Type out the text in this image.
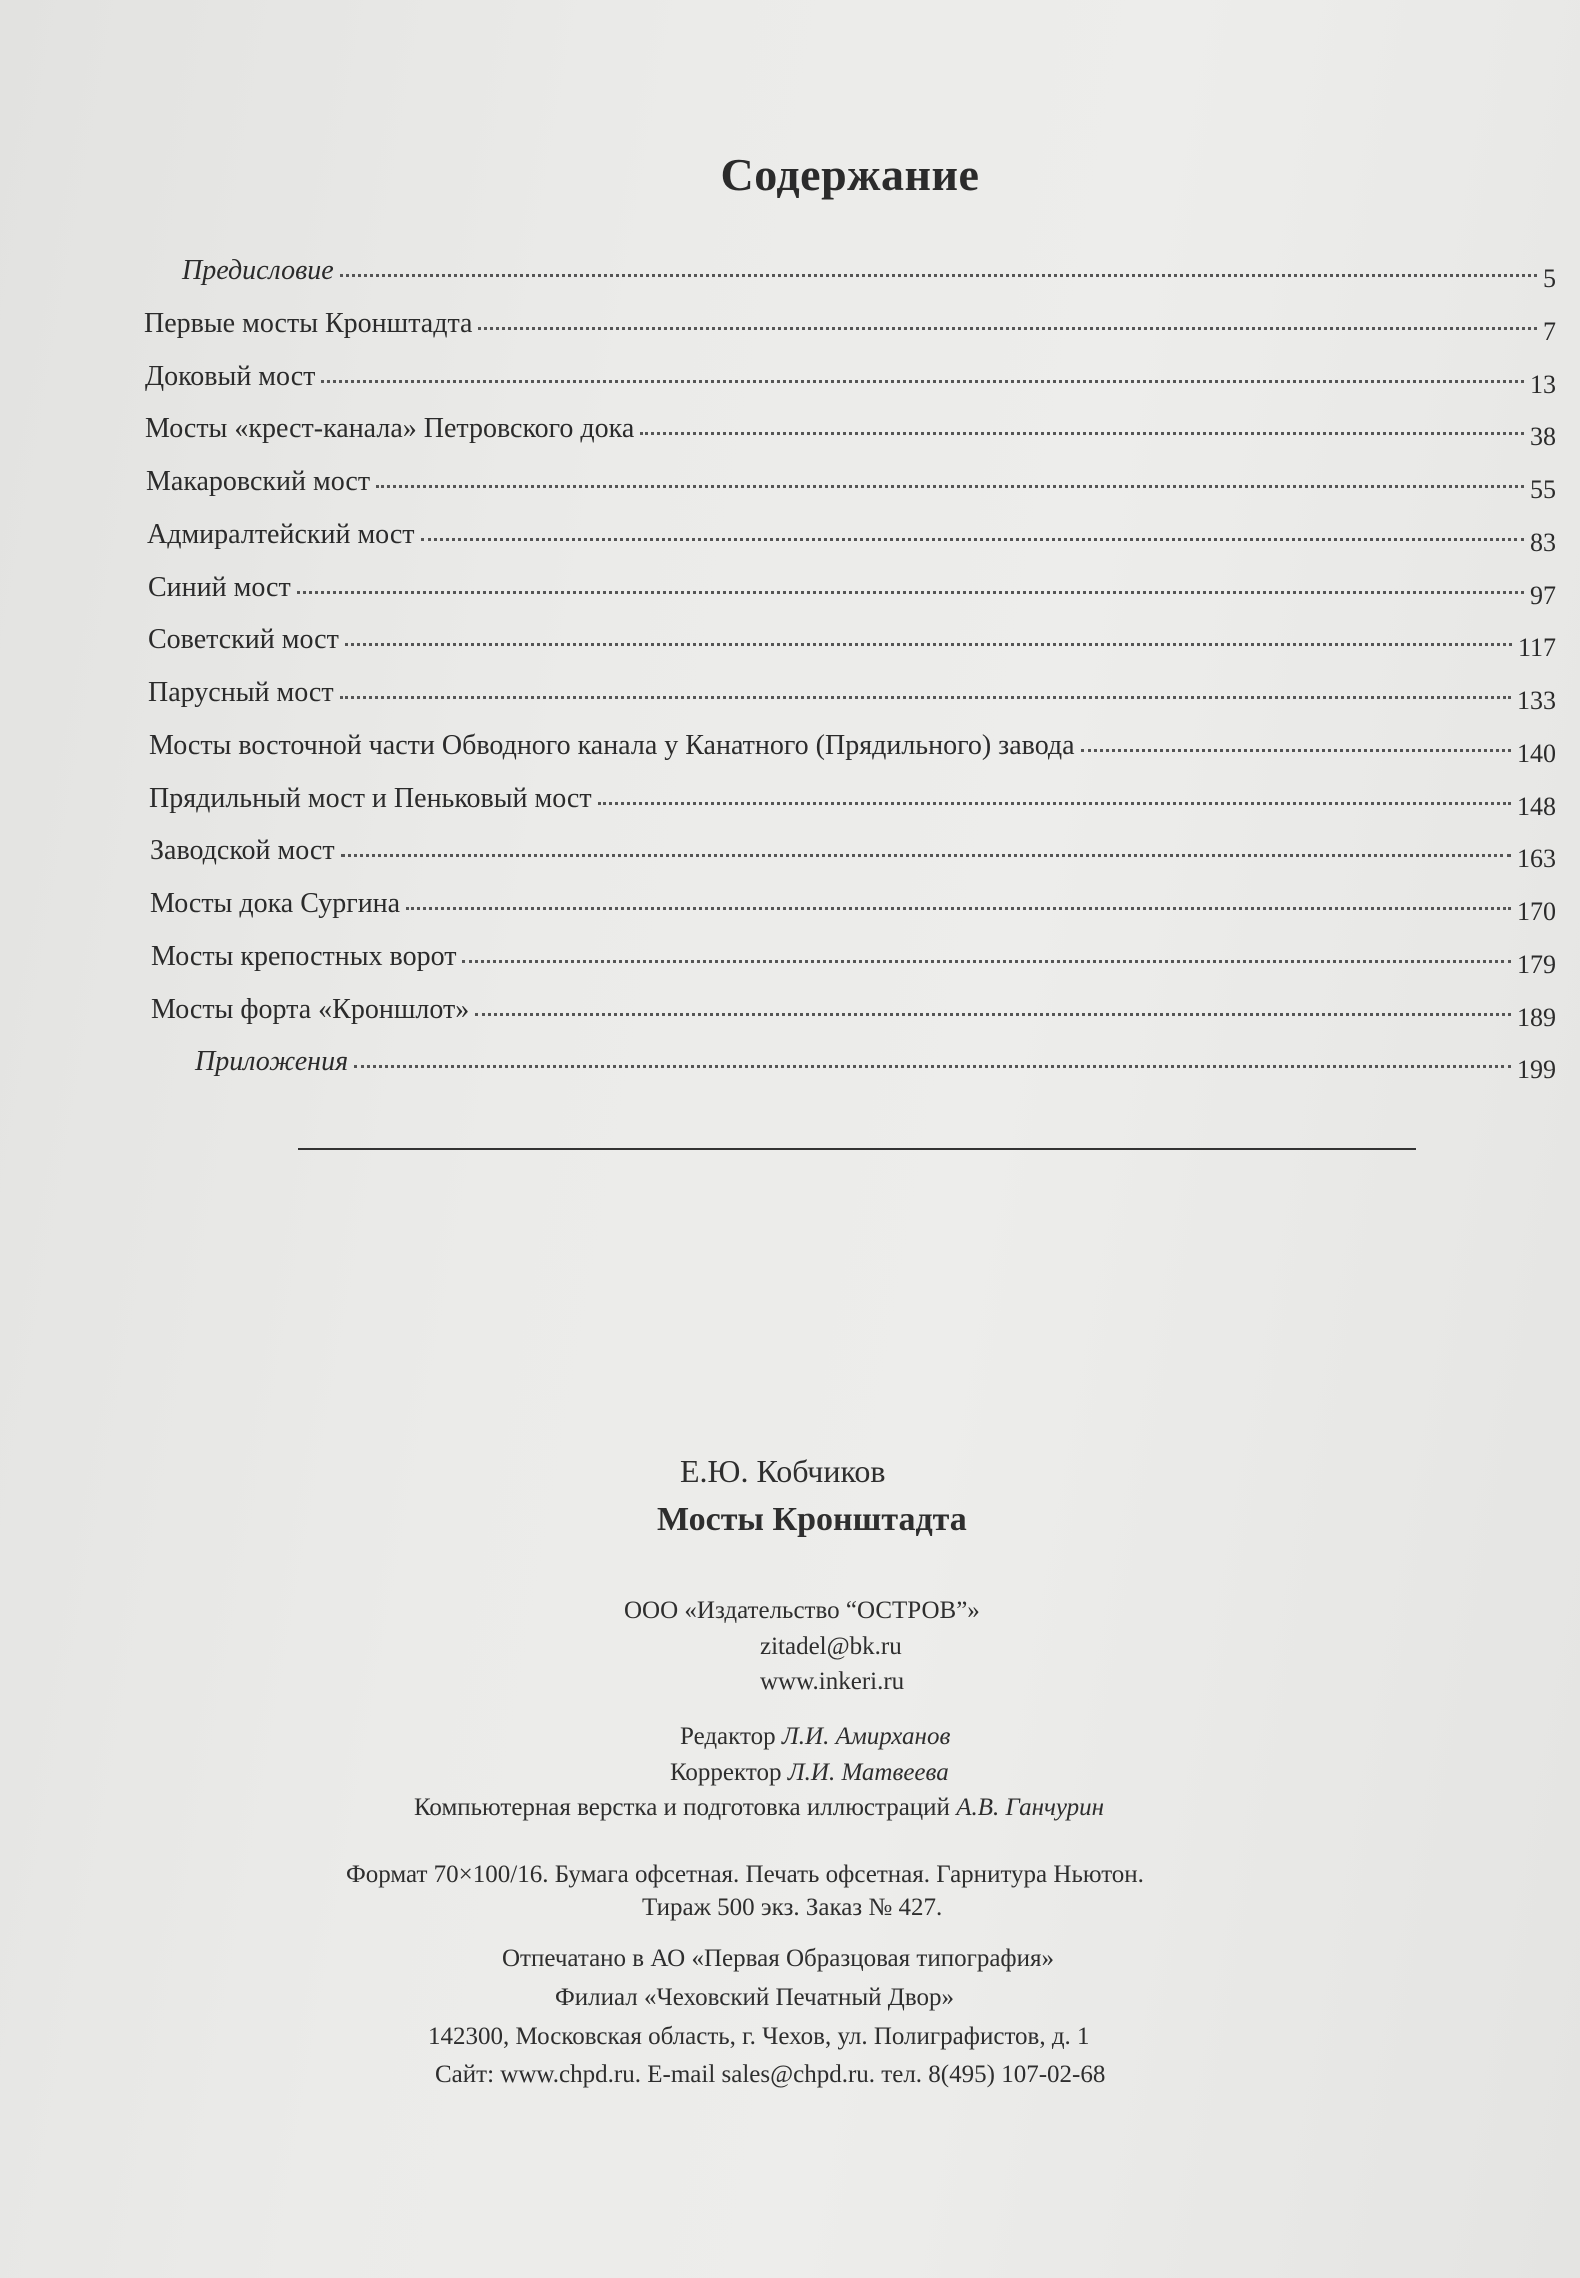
Содержание
Предисловие	5
Первые мосты Кронштадта	7
Доковый мост	13
Мосты «крест-канала» Петровского дока	38
Макаровский мост	55
Адмиралтейский мост	83
Синий мост	97
Советский мост	117
Парусный мост	133
Мосты восточной части Обводного канала у Канатного (Прядильного) завода	140
Прядильный мост и Пеньковый мост	148
Заводской мост	163
Мосты дока Сургина	170
Мосты крепостных ворот	179
Мосты форта «Кроншлот»	189
Приложения	199
Е.Ю. Кобчиков
Мосты Кронштадта
ООО «Издательство “ОСТРОВ”»
zitadel@bk.ru
www.inkeri.ru
Редактор Л.И. Амирханов
Корректор Л.И. Матвеева
Компьютерная верстка и подготовка иллюстраций А.В. Ганчурин
Формат 70×100/16. Бумага офсетная. Печать офсетная. Гарнитура Ньютон.
Тираж 500 экз. Заказ № 427.
Отпечатано в АО «Первая Образцовая типография»
Филиал «Чеховский Печатный Двор»
142300, Московская область, г. Чехов, ул. Полиграфистов, д. 1
Сайт: www.chpd.ru. E-mail sales@chpd.ru. тел. 8(495) 107-02-68
